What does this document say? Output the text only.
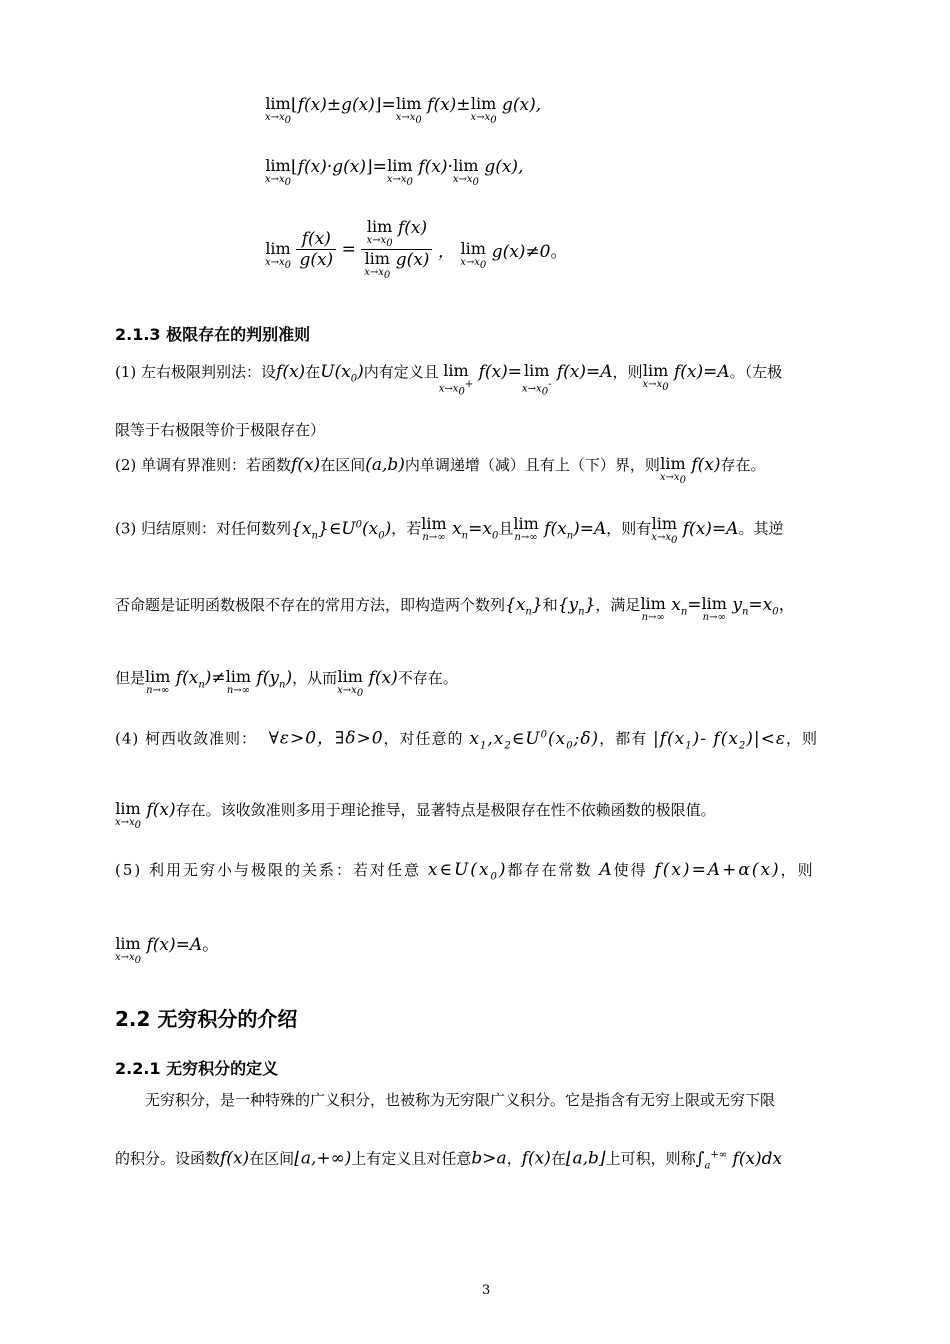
lim
$x\to x_0$
⌊f(x)±g(x)⌋= lim
$x\to x_0$
f(x)± lim
$x\to x_0$
g(x),
lim
$x\to x_0$
⌊f(x)·g(x)⌋= lim
$x\to x_0$
f(x)· lim
$x\to x_0$
g(x),
lim
$x\to x_0$
$\frac{f(x)}{g(x)} = \lim$
$x\to x_0$
f(x)
lim
$x\to x_0$
g(x) ， lim
$x\to x_0$
g(x)≠0。
2.1.3 极限存在的判别准则
(1) 左右极限判别法：设f(x)在$U(x_0)$内有定义且 lim
$x\to x_0^+$
f(x)= lim
$x\to x_0^-$
f(x)=A，则 lim
$x\to x_0$
f(x)=A。（左极
限等于右极限等价于极限存在）
(2) 单调有界准则：若函数f(x)在区间(a,b)内单调递增（减）且有上（下）界，则 lim
$x\to x_0$
f(x)存在。
(3) 归结原则：对任何数列$\{x_n\}\in U^0(x_0)$，若 lim
n→∞ $x_n=x_0$且 lim
n→∞ $f(x_n)=A$，则有 lim
$x\to x_0$
f(x)=A。其逆
否命题是证明函数极限不存在的常用方法，即构造两个数列$\{x_n\}$和$\{y_n\}$，满足 lim
n→∞
$x_n= \lim$
n→∞
$y_n=x_0$，
但是 lim
n→∞
$f(x_n)\ne \lim$
n→∞
$f(y_n)$，从而 lim
$x\to x_0$
f(x)不存在。
(4) 柯西收敛准则： ∀ε>0，∃δ>0，对任意的 $x_1,x_2\in U^0(x_0;\delta)$，都有 $|f(x_1)-$ $f(x_2)|<\varepsilon$，则
lim
$x\to x_0$
f(x)存在。该收敛准则多用于理论推导，显著特点是极限存在性不依赖函数的极限值。
(5) 利用无穷小与极限的关系：若对任意 $x\in U(x_0)$都存在常数 A使得 f(x)=A+α(x)，则
lim
$x\to x_0$
f(x)=A。
2.2 无穷积分的介绍
2.2.1 无穷积分的定义
无穷积分，是一种特殊的广义积分，也被称为无穷限广义积分。它是指含有无穷上限或无穷下限
的积分。设函数f(x)在区间⌊a,+∞)上有定义且对任意b>a，f(x)在⌊a,b⌋上可积，则称$\int_a^{+\infty}$ f(x)dx
3
